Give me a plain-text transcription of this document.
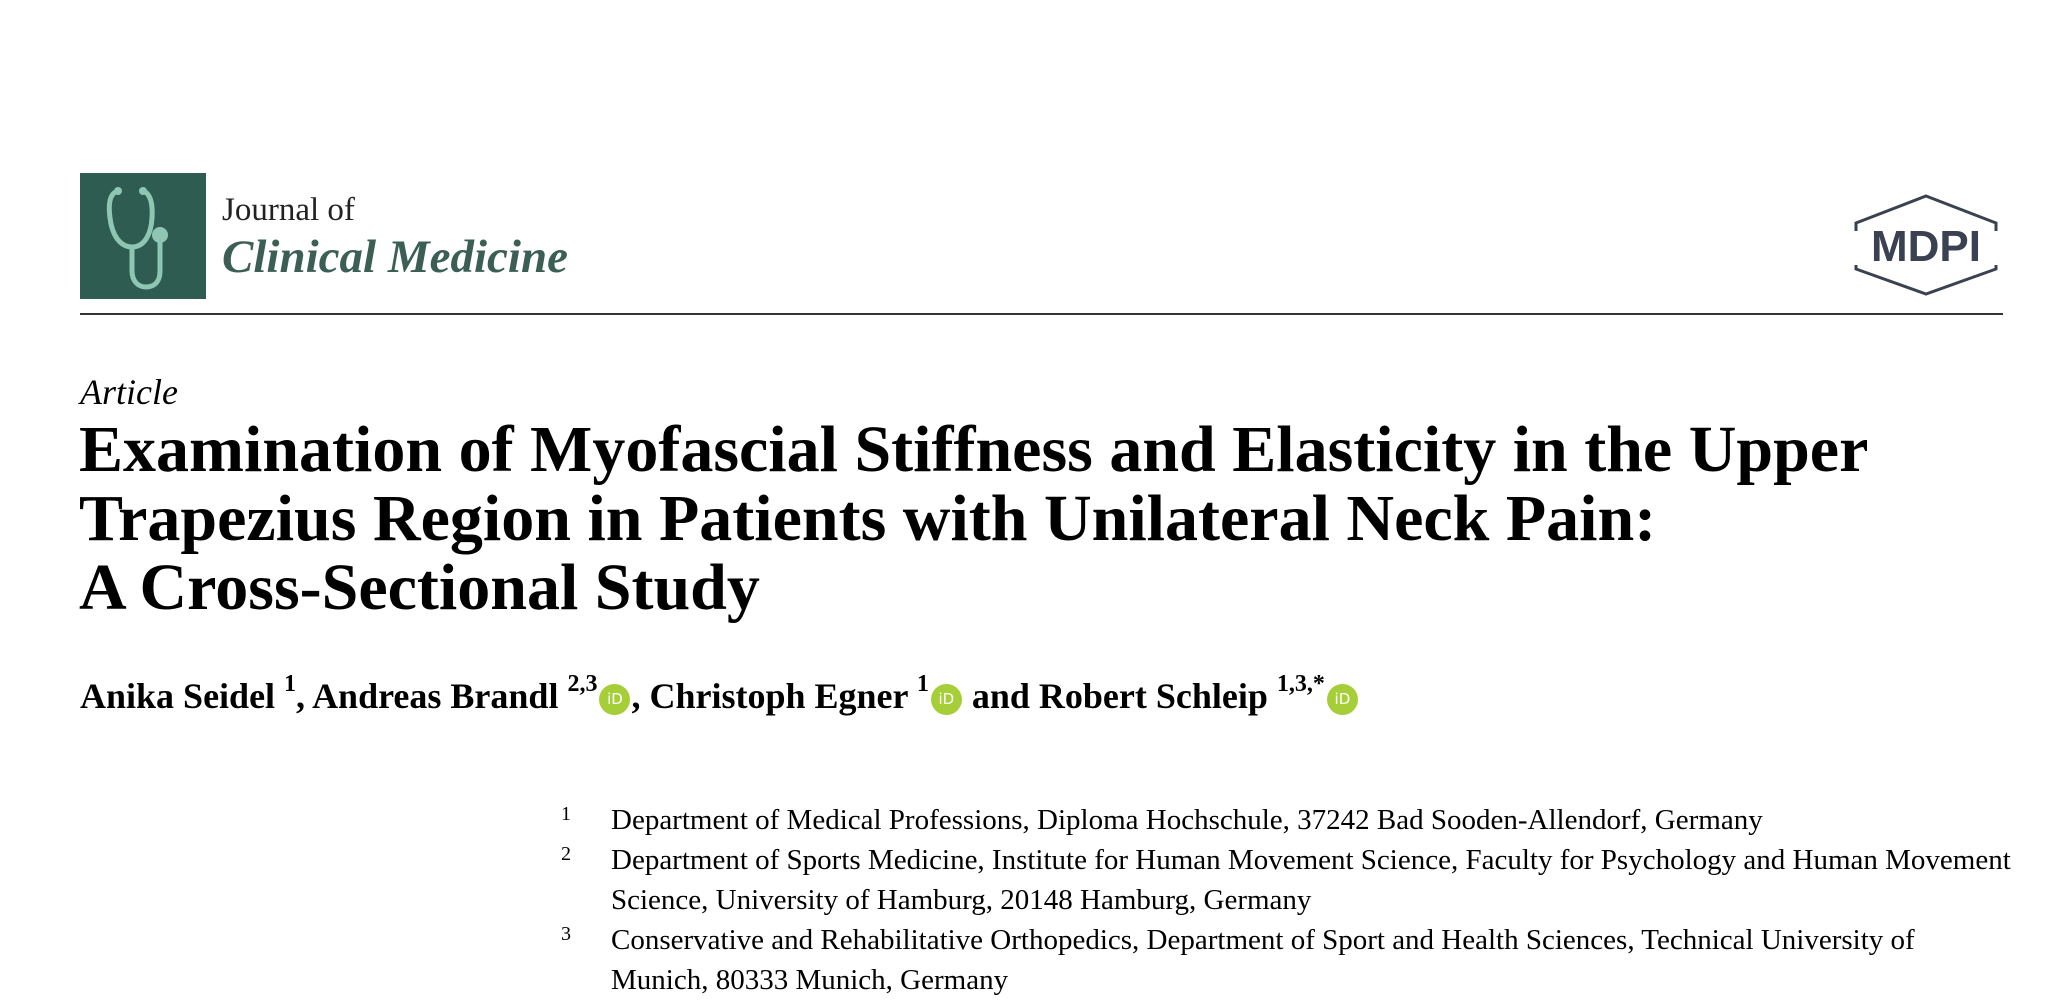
Journal of
Clinical Medicine	MDPI
Article
Examination of Myofascial Stiffness and Elasticity in the Upper
Trapezius Region in Patients with Unilateral Neck Pain:
A Cross-Sectional Study
Anika Seidel $^1$, Andreas Brandl $^{2,3}$iD , Christoph Egner $^1$iD and Robert Schleip $^{1,3,*}$iD
1 Department of Medical Professions, Diploma Hochschule, 37242 Bad Sooden-Allendorf, Germany
2 Department of Sports Medicine, Institute for Human Movement Science, Faculty for Psychology and Human Movement Science, University of Hamburg, 20148 Hamburg, Germany
3 Conservative and Rehabilitative Orthopedics, Department of Sport and Health Sciences, Technical University of Munich, 80333 Munich, Germany
